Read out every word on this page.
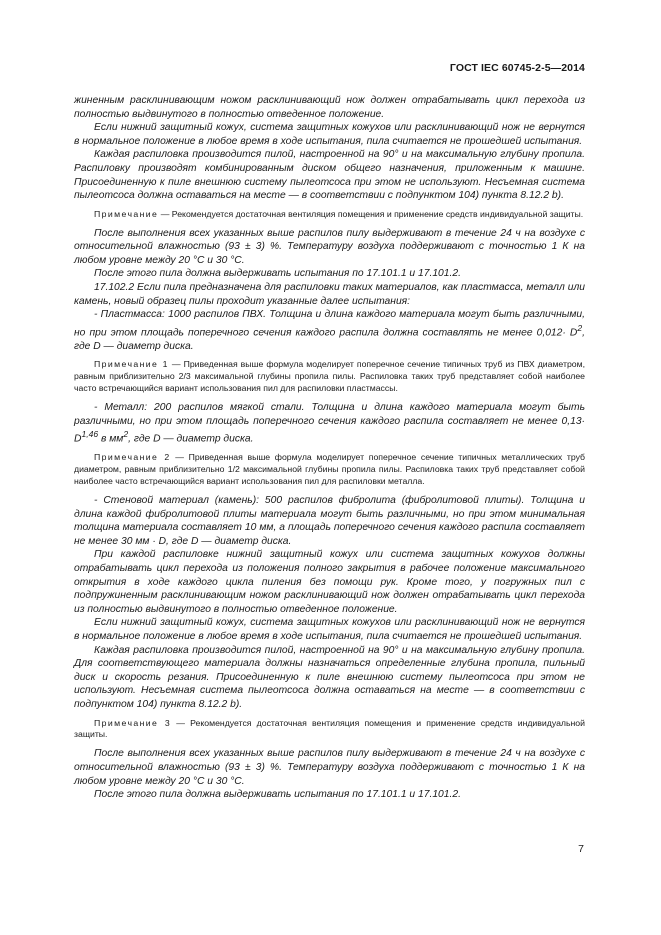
ГОСТ IEC 60745-2-5—2014

жиненным расклинивающим ножом расклинивающий нож должен отрабатывать цикл перехода из полностью выдвинутого в полностью отведенное положение.

Если нижний защитный кожух, система защитных кожухов или расклинивающий нож не вернутся в нормальное положение в любое время в ходе испытания, пила считается не прошедшей испытания.

Каждая распиловка производится пилой, настроенной на 90° и на максимальную глубину пропила. Распиловку производят комбинированным диском общего назначения, приложенным к машине. Присоединенную к пиле внешнюю систему пылеотсоса при этом не используют. Несъемная система пылеотсоса должна оставаться на месте — в соответствии с подпунктом 104) пункта 8.12.2 b).

Примечание — Рекомендуется достаточная вентиляция помещения и применение средств индивидуальной защиты.

После выполнения всех указанных выше распилов пилу выдерживают в течение 24 ч на воздухе с относительной влажностью (93 ± 3) %. Температуру воздуха поддерживают с точностью 1 К на любом уровне между 20 °С и 30 °С.

После этого пила должна выдерживать испытания по 17.101.1 и 17.101.2.

17.102.2 Если пила предназначена для распиловки таких материалов, как пластмасса, металл или камень, новый образец пилы проходит указанные далее испытания:

- Пластмасса: 1000 распилов ПВХ. Толщина и длина каждого материала могут быть различными, но при этом площадь поперечного сечения каждого распила должна составлять не менее $0,012\cdot D^2$, где D — диаметр диска.

Примечание 1 — Приведенная выше формула моделирует поперечное сечение типичных труб из ПВХ диаметром, равным приблизительно 2/3 максимальной глубины пропила пилы. Распиловка таких труб представляет собой наиболее часто встречающийся вариант использования пил для распиловки пластмассы.

- Металл: 200 распилов мягкой стали. Толщина и длина каждого материала могут быть различными, но при этом площадь поперечного сечения каждого распила составляет не менее 0,13· D$^{1,46}$ в $мм^2$, где D — диаметр диска.

Примечание 2 — Приведенная выше формула моделирует поперечное сечение типичных металлических труб диаметром, равным приблизительно 1/2 максимальной глубины пропила пилы. Распиловка таких труб представляет собой наиболее часто встречающийся вариант использования пил для распиловки металла.

- Стеновой материал (камень): 500 распилов фибролита (фибролитовой плиты). Толщина и длина каждой фибролитовой плиты материала могут быть различными, но при этом минимальная толщина материала составляет 10 мм, а площадь поперечного сечения каждого распила составляет не менее 30 мм · D, где D — диаметр диска.

При каждой распиловке нижний защитный кожух или система защитных кожухов должны отрабатывать цикл перехода из положения полного закрытия в рабочее положение максимального открытия в ходе каждого цикла пиления без помощи рук. Кроме того, у погружных пил с подпружиненным расклинивающим ножом расклинивающий нож должен отрабатывать цикл перехода из полностью выдвинутого в полностью отведенное положение.

Если нижний защитный кожух, система защитных кожухов или расклинивающий нож не вернутся в нормальное положение в любое время в ходе испытания, пила считается не прошедшей испытания.

Каждая распиловка производится пилой, настроенной на 90° и на максимальную глубину пропила. Для соответствующего материала должны назначаться определенные глубина пропила, пильный диск и скорость резания. Присоединенную к пиле внешнюю систему пылеотсоса при этом не используют. Несъемная система пылеотсоса должна оставаться на месте — в соответствии с подпунктом 104) пункта 8.12.2 b).

Примечание 3 — Рекомендуется достаточная вентиляция помещения и применение средств индивидуальной защиты.

После выполнения всех указанных выше распилов пилу выдерживают в течение 24 ч на воздухе с относительной влажностью (93 ± 3) %. Температуру воздуха поддерживают с точностью 1 К на любом уровне между 20 °С и 30 °С.

После этого пила должна выдерживать испытания по 17.101.1 и 17.101.2.

7
